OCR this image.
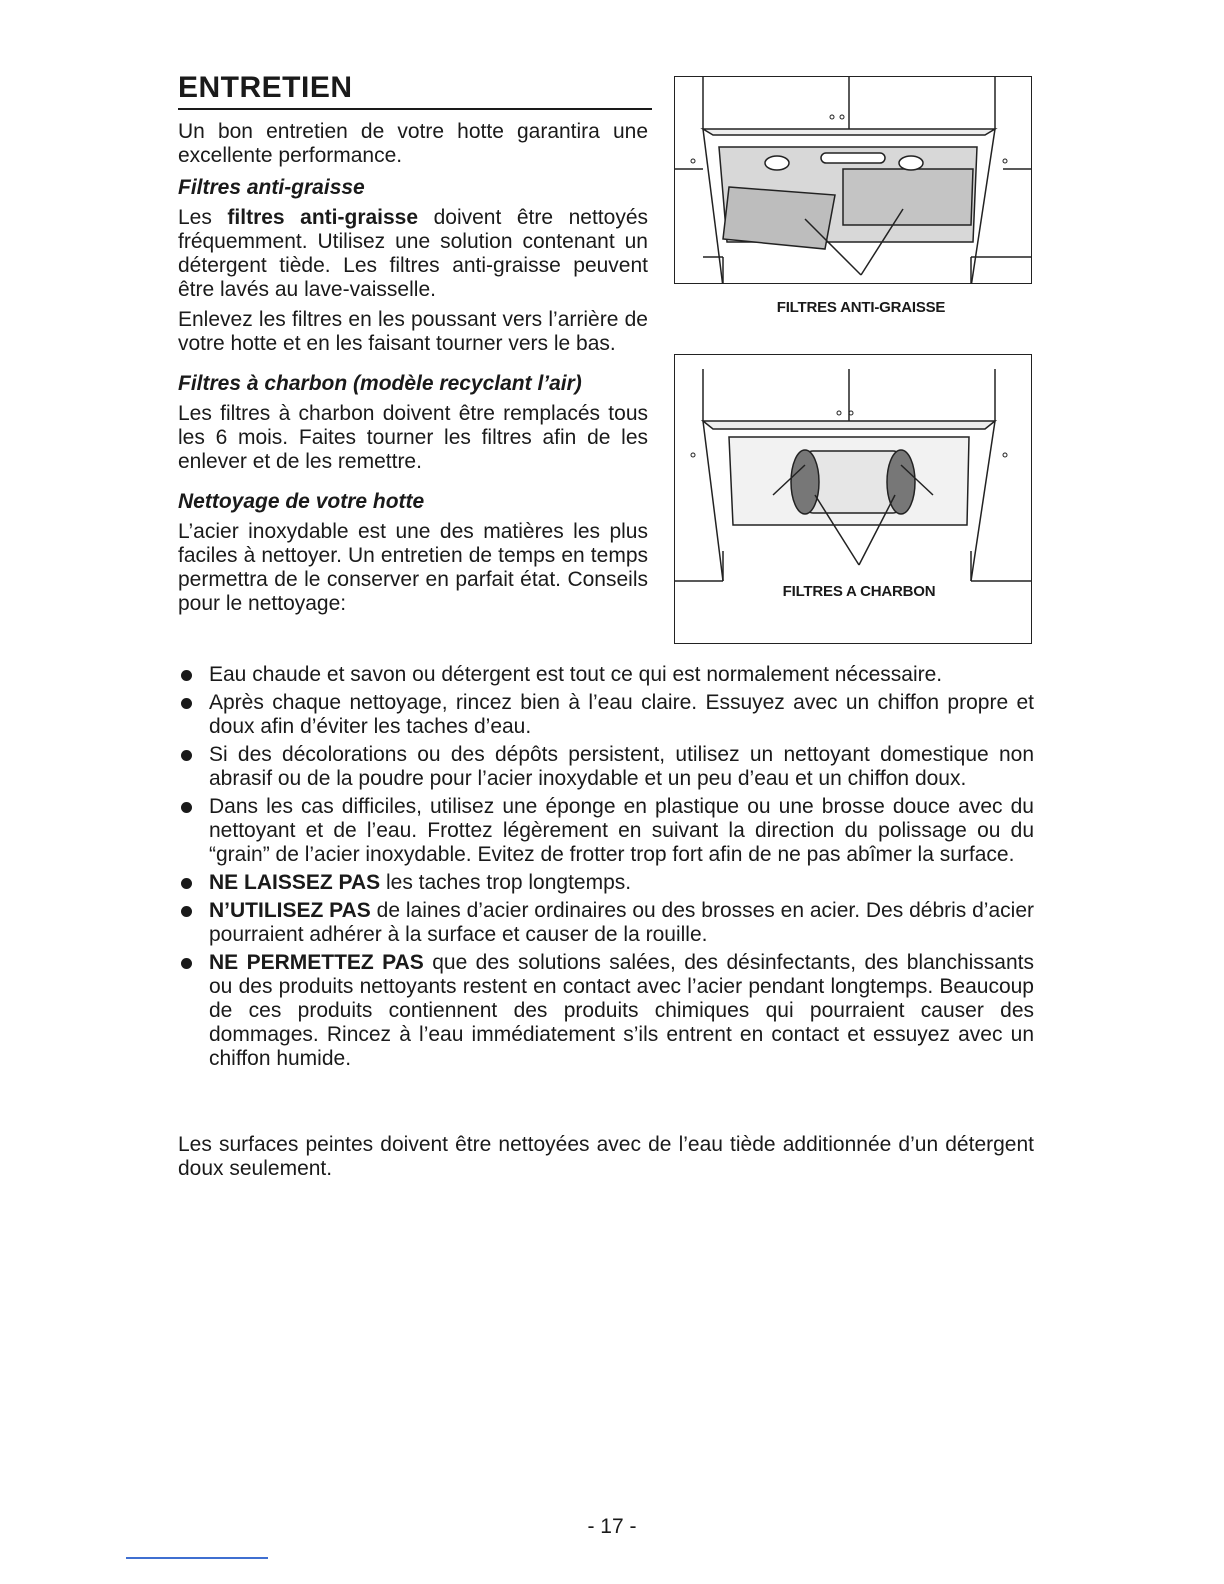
ENTRETIEN

Un bon entretien de votre hotte garantira une excellente performance.

Filtres anti-graisse

Les filtres anti-graisse doivent être nettoyés fréquemment. Utilisez une solution contenant un détergent tiède. Les filtres anti-graisse peuvent être lavés au lave-vaisselle.

Enlevez les filtres en les poussant vers l’arrière de votre hotte et en les faisant tourner vers le bas.

Filtres à charbon (modèle recyclant l’air)

Les filtres à charbon doivent être remplacés tous les 6 mois. Faites tourner les filtres afin de les enlever et de les remettre.

Nettoyage de votre hotte

L’acier inoxydable est une des matières les plus faciles à nettoyer. Un entretien de temps en temps permettra de le conserver en parfait état. Conseils pour le nettoyage:

FILTRES ANTI-GRAISSE
FILTRES A CHARBON
Eau chaude et savon ou détergent est tout ce qui est normalement nécessaire.
Après chaque nettoyage, rincez bien à l’eau claire. Essuyez avec un chiffon propre et doux afin d’éviter les taches d’eau.
Si des décolorations ou des dépôts persistent, utilisez un nettoyant domestique non abrasif ou de la poudre pour l’acier inoxydable et un peu d’eau et un chiffon doux.
Dans les cas difficiles, utilisez une éponge en plastique ou une brosse douce avec du nettoyant et de l’eau. Frottez légèrement en suivant la direction du polissage ou du “grain” de l’acier inoxydable. Evitez de frotter trop fort afin de ne pas abîmer la surface.
NE LAISSEZ PAS les taches trop longtemps.
N’UTILISEZ PAS de laines d’acier ordinaires ou des brosses en acier. Des débris d’acier pourraient adhérer à la surface et causer de la rouille.
NE PERMETTEZ PAS que des solutions salées, des désinfectants, des blanchissants ou des produits nettoyants restent en contact avec l’acier pendant longtemps. Beaucoup de ces produits contiennent des produits chimiques qui pourraient causer des dommages. Rincez à l’eau immédiatement s’ils entrent en contact et essuyez avec un chiffon humide.

Les surfaces peintes doivent être nettoyées avec de l’eau tiède additionnée d’un détergent doux seulement.

- 17 -
